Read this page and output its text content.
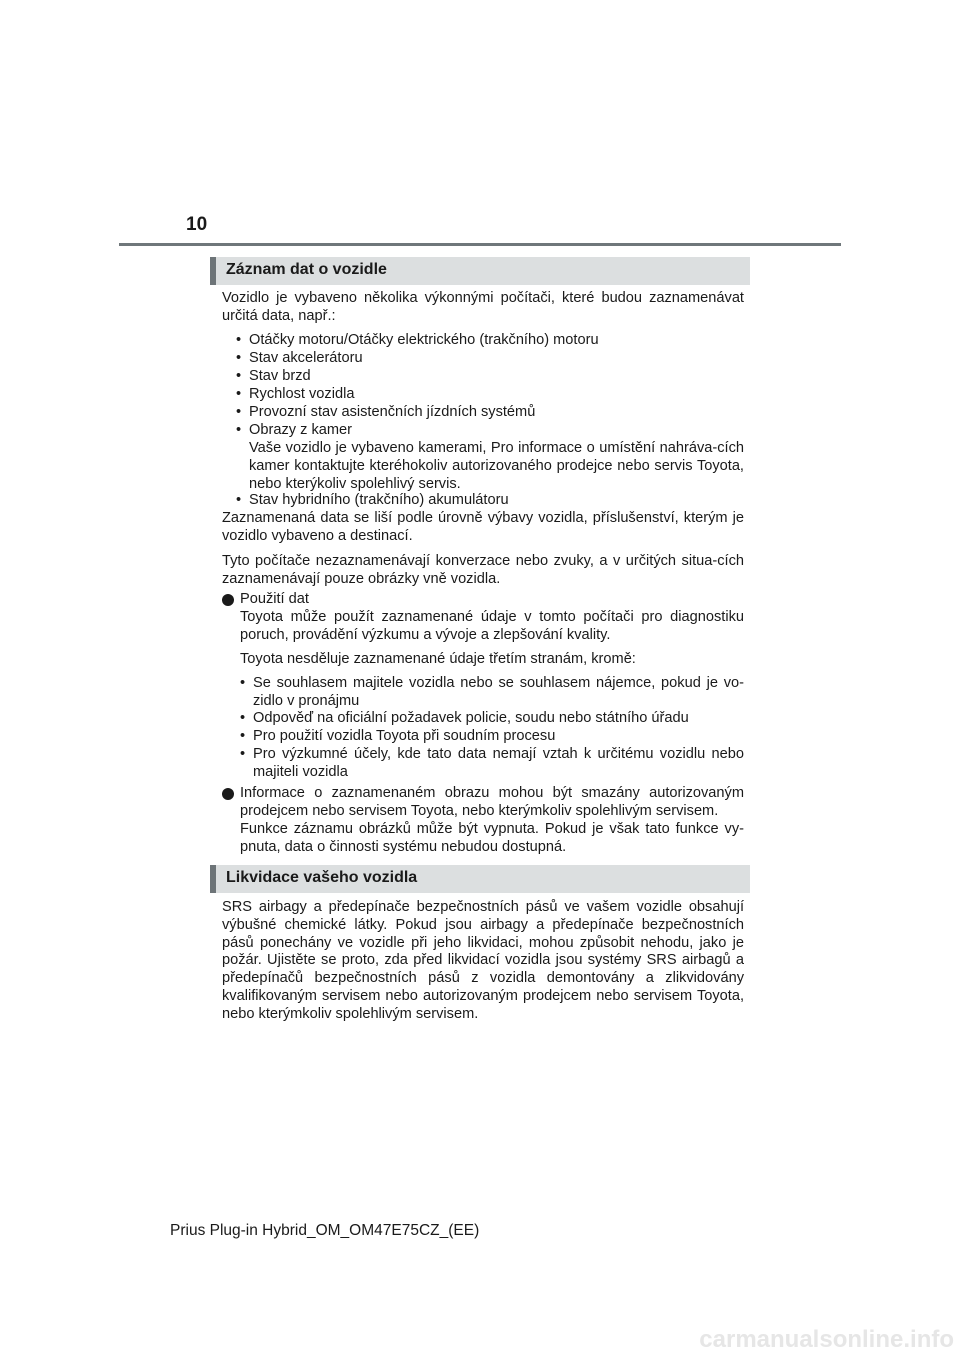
10
Záznam dat o vozidle
Vozidlo je vybaveno několika výkonnými počítači, které budou zaznamenávat určitá data, např.:
• Otáčky motoru/Otáčky elektrického (trakčního) motoru
• Stav akcelerátoru
• Stav brzd
• Rychlost vozidla
• Provozní stav asistenčních jízdních systémů
• Obrazy z kamer
Vaše vozidlo je vybaveno kamerami, Pro informace o umístění nahráva-cích kamer kontaktujte kteréhokoliv autorizovaného prodejce nebo servis Toyota, nebo kterýkoliv spolehlivý servis.
• Stav hybridního (trakčního) akumulátoru
Zaznamenaná data se liší podle úrovně výbavy vozidla, příslušenství, kterým je vozidlo vybaveno a destinací.
Tyto počítače nezaznamenávají konverzace nebo zvuky, a v určitých situa-cích zaznamenávají pouze obrázky vně vozidla.
Použití dat
Toyota může použít zaznamenané údaje v tomto počítači pro diagnostiku poruch, provádění výzkumu a vývoje a zlepšování kvality.
Toyota nesděluje zaznamenané údaje třetím stranám, kromě:
• Se souhlasem majitele vozidla nebo se souhlasem nájemce, pokud je vo-zidlo v pronájmu
• Odpověď na oficiální požadavek policie, soudu nebo státního úřadu
• Pro použití vozidla Toyota při soudním procesu
• Pro výzkumné účely, kde tato data nemají vztah k určitému vozidlu nebo majiteli vozidla
Informace o zaznamenaném obrazu mohou být smazány autorizovaným prodejcem nebo servisem Toyota, nebo kterýmkoliv spolehlivým servisem.
Funkce záznamu obrázků může být vypnuta. Pokud je však tato funkce vy-pnuta, data o činnosti systému nebudou dostupná.
Likvidace vašeho vozidla
SRS airbagy a předepínače bezpečnostních pásů ve vašem vozidle obsahují výbušné chemické látky. Pokud jsou airbagy a předepínače bezpečnostních pásů ponechány ve vozidle při jeho likvidaci, mohou způsobit nehodu, jako je požár. Ujistěte se proto, zda před likvidací vozidla jsou systémy SRS airbagů a předepínačů bezpečnostních pásů z vozidla demontovány a zlikvidovány kvalifikovaným servisem nebo autorizovaným prodejcem nebo servisem Toyota, nebo kterýmkoliv spolehlivým servisem.
Prius Plug-in Hybrid_OM_OM47E75CZ_(EE)
carmanualsonline.info
